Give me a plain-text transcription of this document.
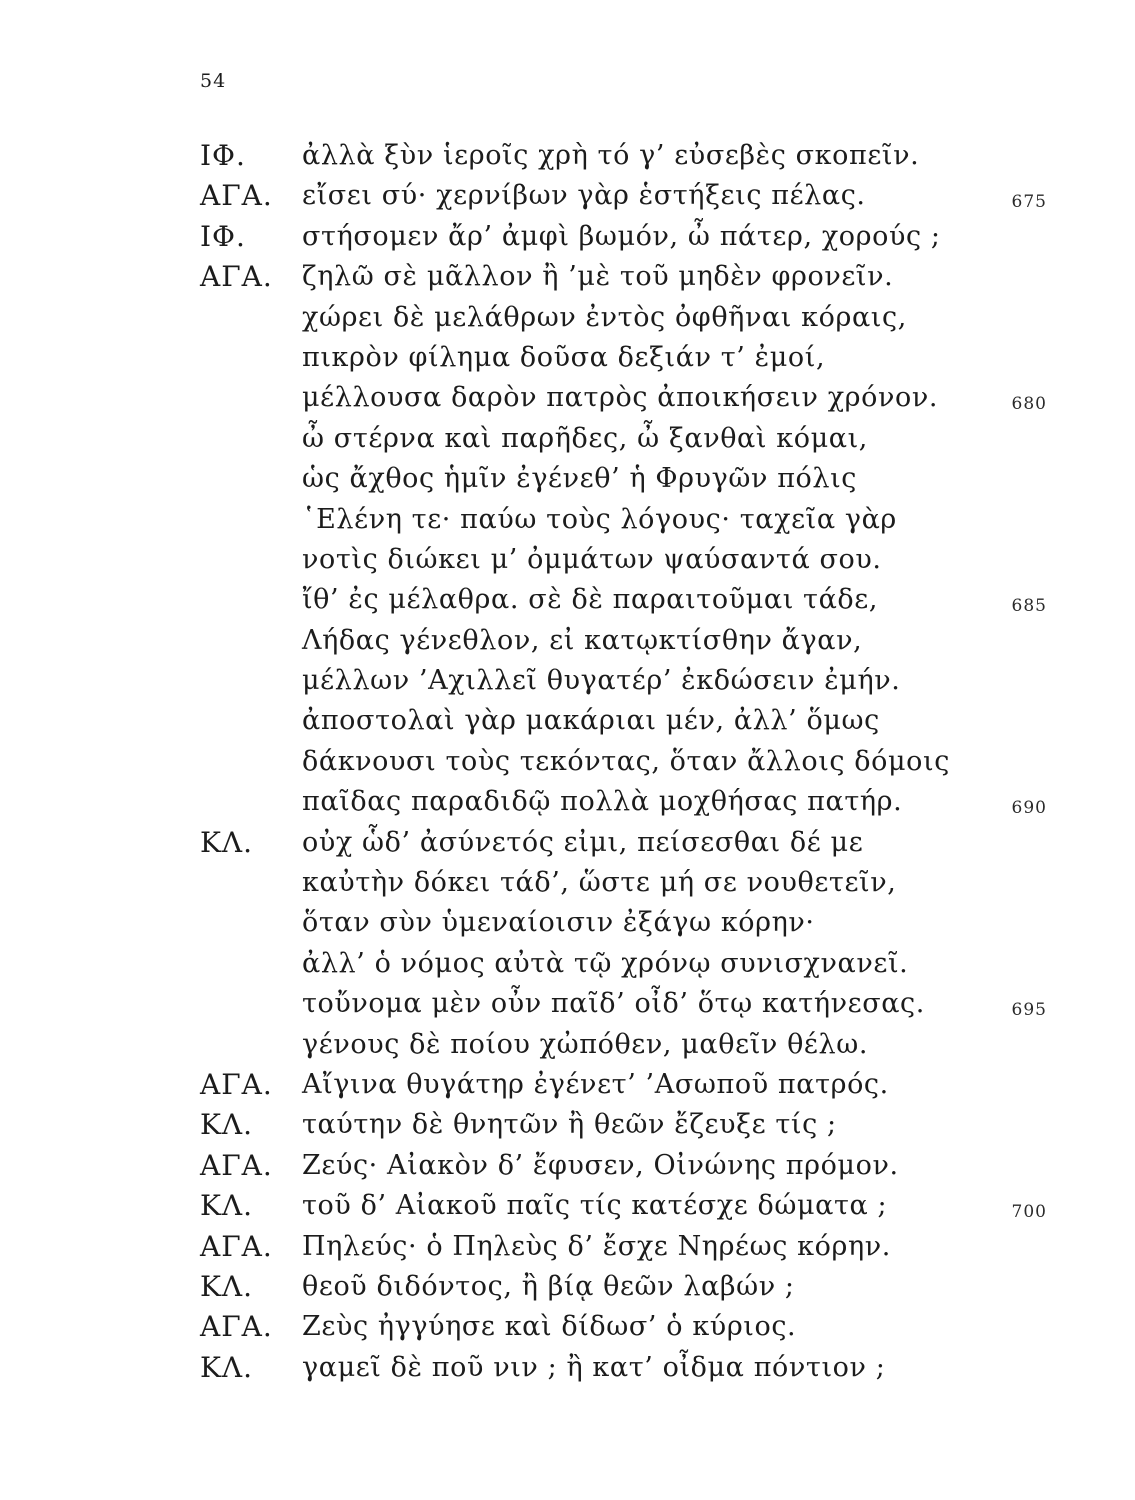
54
ΙΦ. ἀλλὰ ξὺν ἱεροῖς χρὴ τό γ’ εὐσεβὲς σκοπεῖν.
ΑΓΑ. εἴσει σύ· χερνίβων γὰρ ἑστήξεις πέλας.	675
ΙΦ. στήσομεν ἄρ’ ἀμφὶ βωμόν, ὦ πάτερ, χορούς ;
ΑΓΑ. ζηλῶ σὲ μᾶλλον ἢ ’μὲ τοῦ μηδὲν φρονεῖν.
χώρει δὲ μελάθρων ἐντὸς ὀφθῆναι κόραις,
πικρὸν φίλημα δοῦσα δεξιάν τ’ ἐμοί,
μέλλουσα δαρὸν πατρὸς ἀποικήσειν χρόνον.	680
ὦ στέρνα καὶ παρῆδες, ὦ ξανθαὶ κόμαι,
ὡς ἄχθος ἡμῖν ἐγένεθ’ ἡ Φρυγῶν πόλις
῾Ελένη τε· παύω τοὺς λόγους· ταχεῖα γὰρ
νοτὶς διώκει μ’ ὀμμάτων ψαύσαντά σου.
ἴθ’ ἐς μέλαθρα. σὲ δὲ παραιτοῦμαι τάδε,	685
Λήδας γένεθλον, εἰ κατῳκτίσθην ἄγαν,
μέλλων ’Αχιλλεῖ θυγατέρ’ ἐκδώσειν ἐμήν.
ἀποστολαὶ γὰρ μακάριαι μέν, ἀλλ’ ὅμως
δάκνουσι τοὺς τεκόντας, ὅταν ἄλλοις δόμοις
παῖδας παραδιδῷ πολλὰ μοχθήσας πατήρ.	690
ΚΛ. οὐχ ὧδ’ ἀσύνετός εἰμι, πείσεσθαι δέ με
καὐτὴν δόκει τάδ’, ὥστε μή σε νουθετεῖν,
ὅταν σὺν ὑμεναίοισιν ἐξάγω κόρην·
ἀλλ’ ὁ νόμος αὐτὰ τῷ χρόνῳ συνισχνανεῖ.
τοὔνομα μὲν οὖν παῖδ’ οἶδ’ ὅτῳ κατήνεσας.	695
γένους δὲ ποίου χὠπόθεν, μαθεῖν θέλω.
ΑΓΑ. Αἴγινα θυγάτηρ ἐγένετ’ ’Ασωποῦ πατρός.
ΚΛ. ταύτην δὲ θνητῶν ἢ θεῶν ἔζευξε τίς ;
ΑΓΑ. Ζεύς· Αἰακὸν δ’ ἔφυσεν, Οἰνώνης πρόμον.
ΚΛ. τοῦ δ’ Αἰακοῦ παῖς τίς κατέσχε δώματα ;	700
ΑΓΑ. Πηλεύς· ὁ Πηλεὺς δ’ ἔσχε Νηρέως κόρην.
ΚΛ. θεοῦ διδόντος, ἢ βίᾳ θεῶν λαβών ;
ΑΓΑ. Ζεὺς ἠγγύησε καὶ δίδωσ’ ὁ κύριος.
ΚΛ. γαμεῖ δὲ ποῦ νιν ; ἢ κατ’ οἶδμα πόντιον ;
